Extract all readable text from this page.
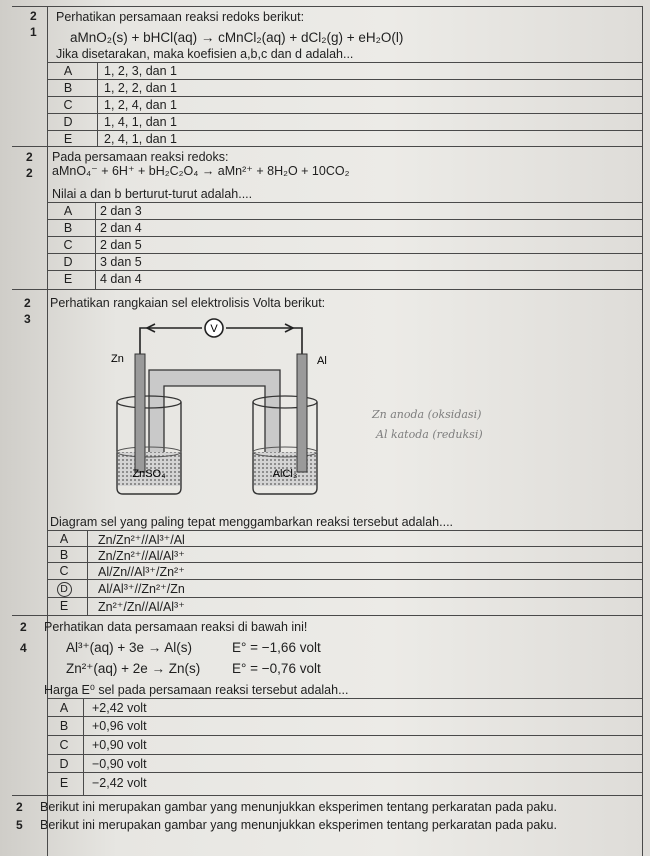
2
1
Perhatikan persamaan reaksi redoks berikut:
aMnO₂(s) + bHCl(aq) → cMnCl₂(aq) + dCl₂(g) + eH₂O(l)
Jika disetarakan, maka koefisien a,b,c dan d adalah...
A	1, 2, 3, dan 1
B	1, 2, 2, dan 1
C	1, 2, 4, dan 1
D	1, 4, 1, dan 1
E	2, 4, 1, dan 1
2
2
Pada persamaan reaksi redoks:
aMnO₄⁻ + 6H⁺ + bH₂C₂O₄ → aMn²⁺ + 8H₂O + 10CO₂
Nilai a dan b berturut-turut adalah....
A	2 dan 3
B	2 dan 4
C	2 dan 5
D	3 dan 5
E	4 dan 4
2
3
Perhatikan rangkaian sel elektrolisis Volta berikut:
V
Zn	Al
ZnSO₄	AlCl₃
Zn anoda (oksidasi)
Al katoda (reduksi)
Diagram sel yang paling tepat menggambarkan reaksi tersebut adalah....
A	Zn/Zn²⁺//Al³⁺/Al
B	Zn/Zn²⁺//Al/Al³⁺
C	Al/Zn//Al³⁺/Zn²⁺
D	Al/Al³⁺//Zn²⁺/Zn
E	Zn²⁺/Zn//Al/Al³⁺
2
4
Perhatikan data persamaan reaksi di bawah ini!
Al³⁺(aq) + 3e → Al(s)	E° = −1,66 volt
Zn²⁺(aq) + 2e → Zn(s) E° = −0,76 volt
Harga E⁰ sel pada persamaan reaksi tersebut adalah...
A	+2,42 volt
B	+0,96 volt
C	+0,90 volt
D	−0,90 volt
E	−2,42 volt
2
5
Berikut ini merupakan gambar yang menunjukkan eksperimen tentang perkaratan pada paku.
Berikut ini merupakan gambar yang menunjukkan eksperimen tentang perkaratan pada paku.
